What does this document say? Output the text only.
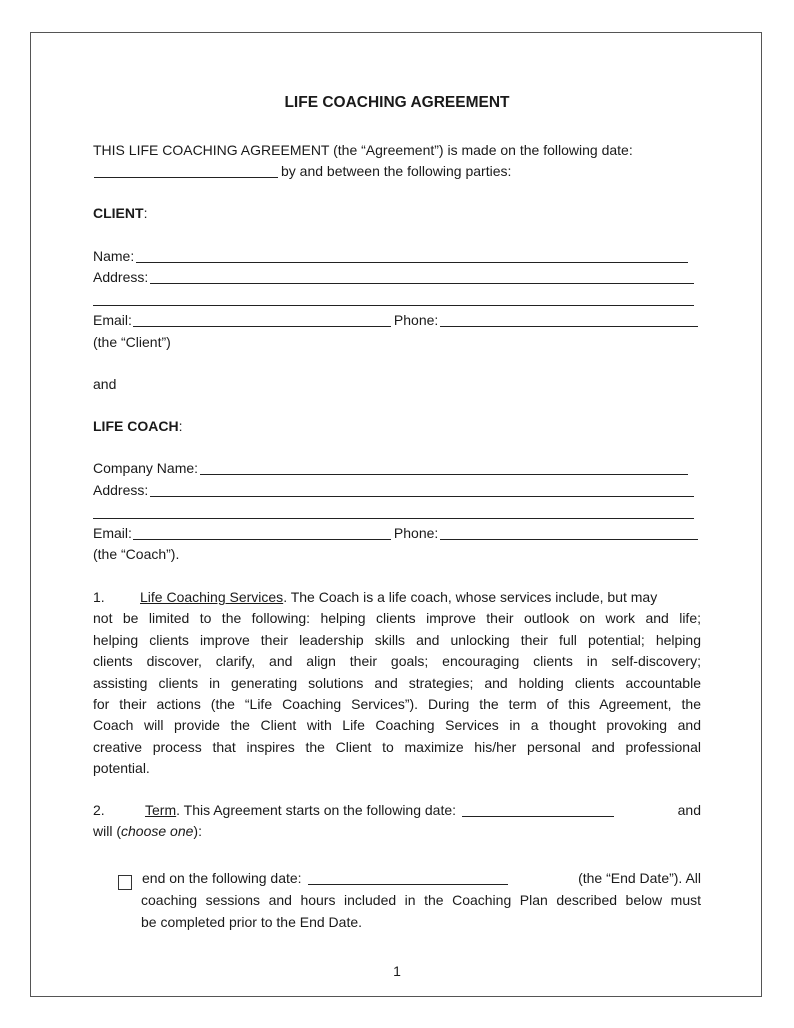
LIFE COACHING AGREEMENT
THIS LIFE COACHING AGREEMENT (the “Agreement”) is made on the following date:
by and between the following parties:
CLIENT :
Name:
Address:
Email:	Phone:
(the “Client”)
and
LIFE COACH :
Company Name:
Address:
Email:	Phone:
(the “Coach”).
1.	Life Coaching Services . The Coach is a life coach, whose services include, but may
not be limited to the following: helping clients improve their outlook on work and life;
helping clients improve their leadership skills and unlocking their full potential; helping
clients discover, clarify, and align their goals; encouraging clients in self-discovery;
assisting clients in generating solutions and strategies; and holding clients accountable
for their actions (the “Life Coaching Services”). During the term of this Agreement, the
Coach will provide the Client with Life Coaching Services in a thought provoking and
creative process that inspires the Client to maximize his/her personal and professional
potential.
2.	Term . This Agreement starts on the following date:	and
will ( choose one ):
end on the following date:	(the “End Date”). All
coaching sessions and hours included in the Coaching Plan described below must
be completed prior to the End Date.
1
